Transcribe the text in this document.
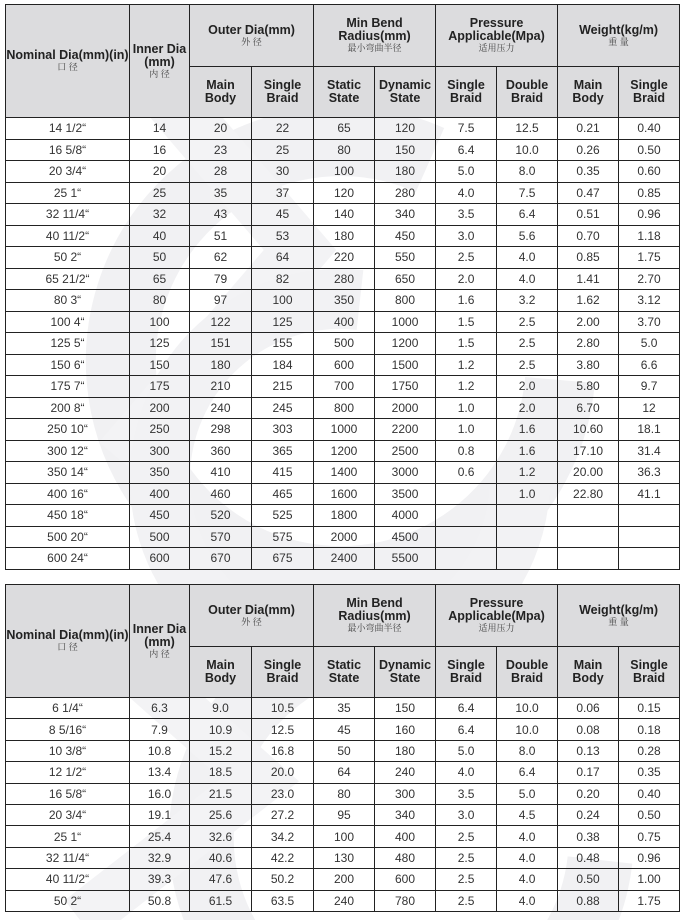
Nominal Dia(mm)(in)
口 径	Inner Dia (mm)
内 径	Outer Dia(mm)
外 径		Min Bend Radius(mm)
最小弯曲半径		Pressure Applicable(Mpa)
适用压力		Weight(kg/m)
重 量	

		Main Body	Single Braid	Static State	Dynamic State	Single Braid	Double Braid	Main Body	Single Braid
14 1/2“	14	20	22	65	120	7.5	12.5	0.21	0.40
16 5/8“	16	23	25	80	150	6.4	10.0	0.26	0.50
20 3/4“	20	28	30	100	180	5.0	8.0	0.35	0.60
25 1“	25	35	37	120	280	4.0	7.5	0.47	0.85
32 11/4“	32	43	45	140	340	3.5	6.4	0.51	0.96
40 11/2“	40	51	53	180	450	3.0	5.6	0.70	1.18
50 2“	50	62	64	220	550	2.5	4.0	0.85	1.75
65 21/2“	65	79	82	280	650	2.0	4.0	1.41	2.70
80 3“	80	97	100	350	800	1.6	3.2	1.62	3.12
100 4“	100	122	125	400	1000	1.5	2.5	2.00	3.70
125 5“	125	151	155	500	1200	1.5	2.5	2.80	5.0
150 6“	150	180	184	600	1500	1.2	2.5	3.80	6.6
175 7“	175	210	215	700	1750	1.2	2.0	5.80	9.7
200 8“	200	240	245	800	2000	1.0	2.0	6.70	12
250 10“	250	298	303	1000	2200	1.0	1.6	10.60	18.1
300 12“	300	360	365	1200	2500	0.8	1.6	17.10	31.4
350 14“	350	410	415	1400	3000	0.6	1.2	20.00	36.3
400 16“	400	460	465	1600	3500		1.0	22.80	41.1
450 18“	450	520	525	1800	4000				
500 20“	500	570	575	2000	4500				
600 24“	600	670	675	2400	5500				
Nominal Dia(mm)(in)
口 径	Inner Dia (mm)
内 径	Outer Dia(mm)
外 径		Min Bend Radius(mm)
最小弯曲半径		Pressure Applicable(Mpa)
适用压力		Weight(kg/m)
重 量	

		Main Body	Single Braid	Static State	Dynamic State	Single Braid	Double Braid	Main Body	Single Braid
6 1/4“	6.3	9.0	10.5	35	150	6.4	10.0	0.06	0.15
8 5/16“	7.9	10.9	12.5	45	160	6.4	10.0	0.08	0.18
10 3/8“	10.8	15.2	16.8	50	180	5.0	8.0	0.13	0.28
12 1/2“	13.4	18.5	20.0	64	240	4.0	6.4	0.17	0.35
16 5/8“	16.0	21.5	23.0	80	300	3.5	5.0	0.20	0.40
20 3/4“	19.1	25.6	27.2	95	340	3.0	4.5	0.24	0.50
25 1“	25.4	32.6	34.2	100	400	2.5	4.0	0.38	0.75
32 11/4“	32.9	40.6	42.2	130	480	2.5	4.0	0.48	0.96
40 11/2“	39.3	47.6	50.2	200	600	2.5	4.0	0.50	1.00
50 2“	50.8	61.5	63.5	240	780	2.5	4.0	0.88	1.75
